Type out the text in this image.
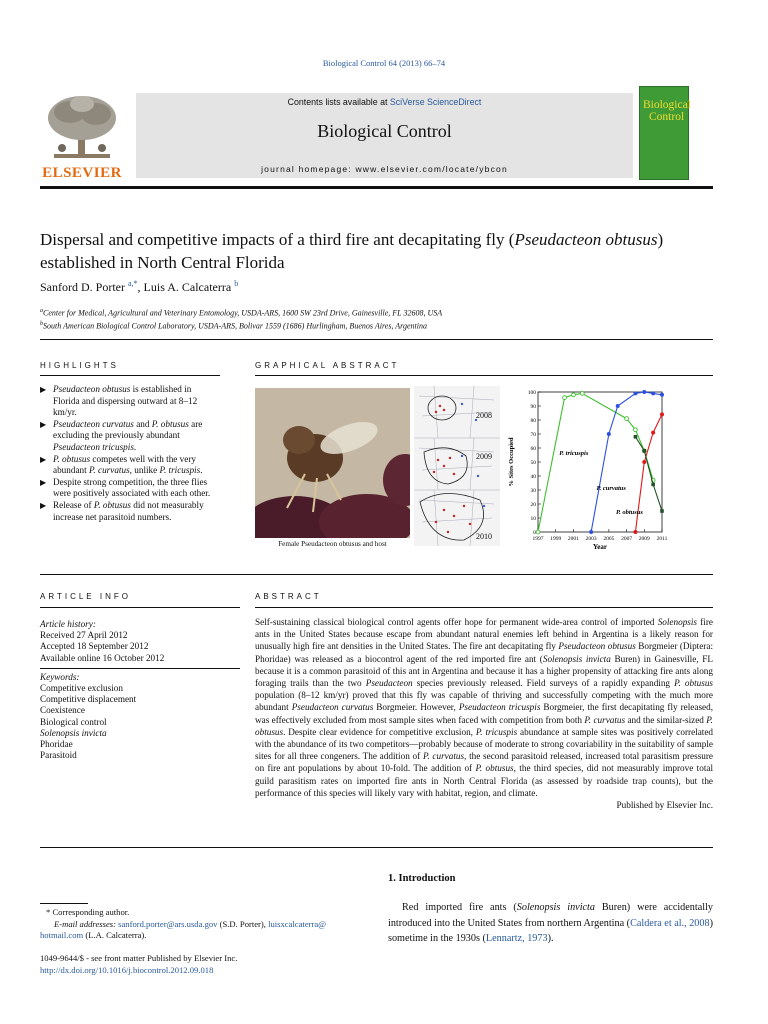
Biological Control 64 (2013) 66–74
ELSEVIER
Contents lists available at SciVerse ScienceDirect
Biological Control
journal homepage: www.elsevier.com/locate/ybcon
Biological
Control
Dispersal and competitive impacts of a third fire ant decapitating fly (Pseudacteon obtusus) established in North Central Florida
Sanford D. Porter $^{a,*}$, Luis A. Calcaterra $^b$
$^a$Center for Medical, Agricultural and Veterinary Entomology, USDA-ARS, 1600 SW 23rd Drive, Gainesville, FL 32608, USA
$^b$South American Biological Control Laboratory, USDA-ARS, Bolivar 1559 (1686) Hurlingham, Buenos Aires, Argentina
HIGHLIGHTS
▶ Pseudacteon obtusus is established in Florida and dispersing outward at 8–12 km/yr.
▶ Pseudacteon curvatus and P. obtusus are excluding the previously abundant Pseudacteon tricuspis.
▶ P. obtusus competes well with the very abundant P. curvatus, unlike P. tricuspis.
▶ Despite strong competition, the three flies were positively associated with each other.
▶ Release of P. obtusus did not measurably increase net parasitoid numbers.
GRAPHICAL ABSTRACT
Female Pseudacteon obtusus and host
2008
2009
2010	0
10
20
30
40
50
60
70
80
90
100
1997 1999 2001 2003 2005 2007 2009 2011
Year
% Sites Occupied	P. tricuspis
P. curvatus
P. obtusus
ARTICLE INFO
Article history:
Received 27 April 2012
Accepted 18 September 2012
Available online 16 October 2012
Keywords:
Competitive exclusion
Competitive displacement
Coexistence
Biological control
Solenopsis invicta
Phoridae
Parasitoid
ABSTRACT
Self-sustaining classical biological control agents offer hope for permanent wide-area control of imported Solenopsis fire ants in the United States because escape from abundant natural enemies left behind in Argentina is a likely reason for unusually high fire ant densities in the United States. The fire ant decapitating fly Pseudacteon obtusus Borgmeier (Diptera: Phoridae) was released as a biocontrol agent of the red imported fire ant (Solenopsis invicta Buren) in Gainesville, FL because it is a common parasitoid of this ant in Argentina and because it has a higher propensity of attacking fire ants along foraging trails than the two Pseudacteon species previously released. Field surveys of a rapidly expanding P. obtusus population (8–12 km/yr) proved that this fly was capable of thriving and successfully competing with the much more abundant Pseudacteon curvatus Borgmeier. However, Pseudacteon tricuspis Borgmeier, the first decapitating fly released, was effectively excluded from most sample sites when faced with competition from both P. curvatus and the similar-sized P. obtusus. Despite clear evidence for competitive exclusion, P. tricuspis abundance at sample sites was positively correlated with the abundance of its two competitors—probably because of moderate to strong covariability in the suitability of sample sites for all three congeners. The addition of P. curvatus, the second parasitoid released, increased total parasitism pressure on fire ant populations by about 10-fold. The addition of P. obtusus, the third species, did not measurably improve total guild parasitism rates on imported fire ants in North Central Florida (as assessed by roadside trap counts), but the performance of this species will likely vary with habitat, region, and climate.
Published by Elsevier Inc.
1. Introduction
Red imported fire ants (Solenopsis invicta Buren) were accidentally introduced into the United States from northern Argentina (Caldera et al., 2008) sometime in the 1930s (Lennartz, 1973).
* Corresponding author.
E-mail addresses: sanford.porter@ars.usda.gov (S.D. Porter), luisxcalcaterra@
hotmail.com (L.A. Calcaterra).
1049-9644/$ - see front matter Published by Elsevier Inc.
http://dx.doi.org/10.1016/j.biocontrol.2012.09.018
